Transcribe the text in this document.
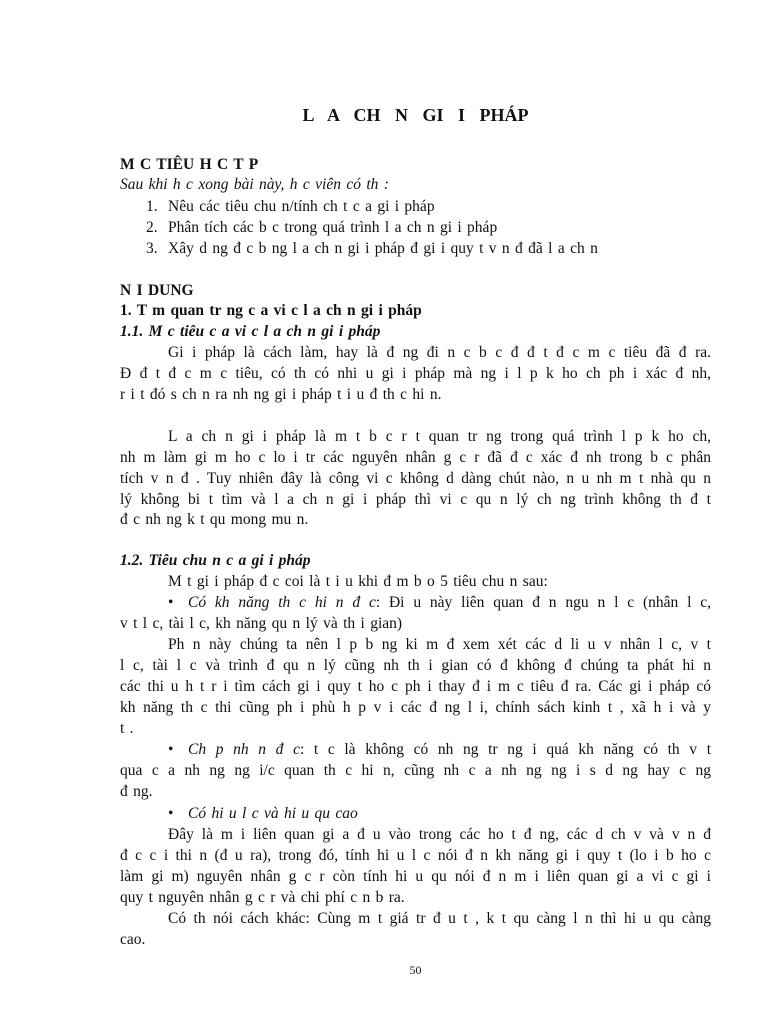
L A CH N GI I PHÁP
M C TIÊU H C T P
Sau khi h c xong bài này, h c viên có th :
1. Nêu các tiêu chu n/tính ch t c a gi i pháp
2. Phân tích các b c trong quá trình l a ch n gi i pháp
3. Xây d ng đ c b ng l a ch n gi i pháp đ gi i quy t v n đ đã l a ch n
N I DUNG
1. T m quan tr ng c a vi c l a ch n gi i pháp
1.1. M c tiêu c a vi c l a ch n gi i pháp
Gi i pháp là cách làm, hay là đ ng đi n c b c đ đ t đ c m c tiêu đã đ ra.
Đ đ t đ c m c tiêu, có th có nhi u gi i pháp mà ng i l p k ho ch ph i xác đ nh,
r i t đó s ch n ra nh ng gi i pháp t i u đ th c hi n.
L a ch n gi i pháp là m t b c r t quan tr ng trong quá trình l p k ho ch,
nh m làm gi m ho c lo i tr các nguyên nhân g c r đã đ c xác đ nh trong b c phân
tích v n đ . Tuy nhiên đây là công vi c không d dàng chút nào, n u nh m t nhà qu n
lý không bi t tìm và l a ch n gi i pháp thì vi c qu n lý ch ng trình không th đ t
đ c nh ng k t qu mong mu n.
1.2. Tiêu chu n c a gi i pháp
M t gi i pháp đ c coi là t i u khi đ m b o 5 tiêu chu n sau:
• Có kh năng th c hi n đ c: Đi u này liên quan đ n ngu n l c (nhân l c,
v t l c, tài l c, kh năng qu n lý và th i gian)
Ph n này chúng ta nên l p b ng ki m đ xem xét các d li u v nhân l c, v t
l c, tài l c và trình đ qu n lý cũng nh th i gian có đ không đ chúng ta phát hi n
các thi u h t r i tìm cách gi i quy t ho c ph i thay đ i m c tiêu đ ra. Các gi i pháp có
kh năng th c thi cũng ph i phù h p v i các đ ng l i, chính sách kinh t , xã h i và y
t .
• Ch p nh n đ c: t c là không có nh ng tr ng i quá kh năng có th v t
qua c a nh ng ng i/c quan th c hi n, cũng nh c a nh ng ng i s d ng hay c ng
đ ng.
• Có hi u l c và hi u qu cao
Đây là m i liên quan gi a đ u vào trong các ho t đ ng, các d ch v và v n đ
đ c c i thi n (đ u ra), trong đó, tính hi u l c nói đ n kh năng gi i quy t (lo i b ho c
làm gi m) nguyên nhân g c r còn tính hi u qu nói đ n m i liên quan gi a vi c gi i
quy t nguyên nhân g c r và chi phí c n b ra.
Có th nói cách khác: Cùng m t giá tr đ u t , k t qu càng l n thì hi u qu càng
cao.
50
